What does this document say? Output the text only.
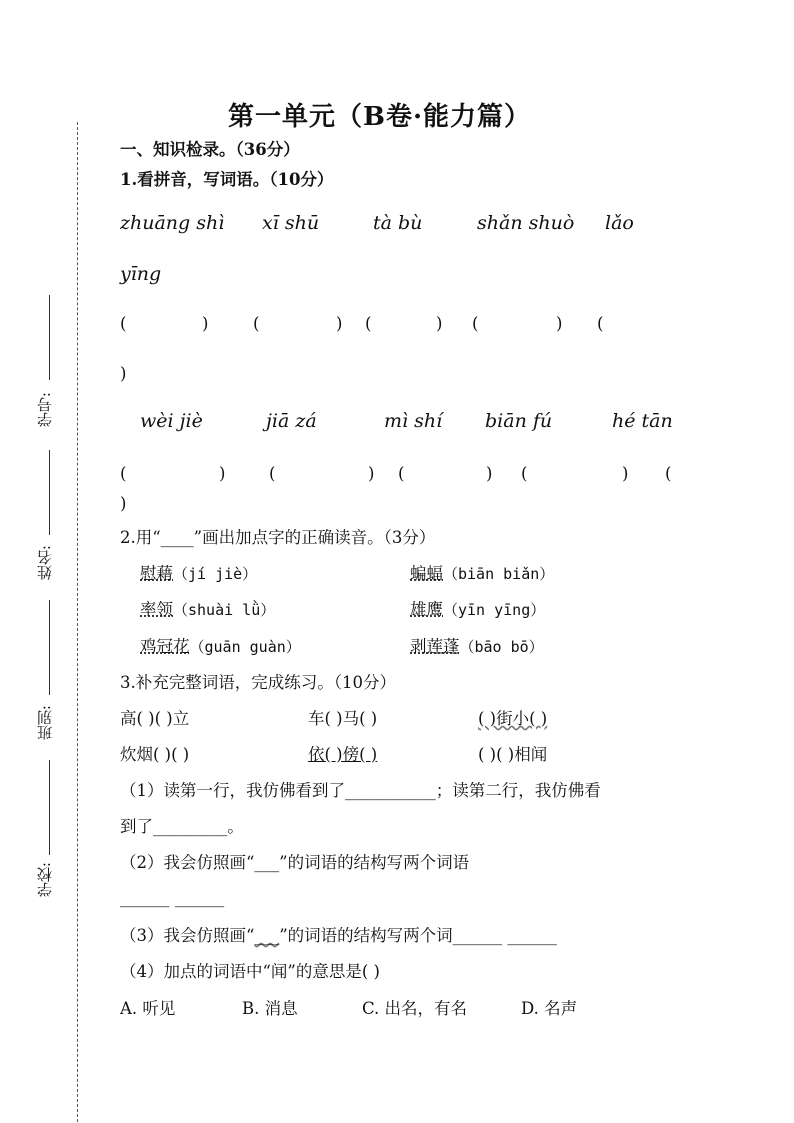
学号:
姓名:
班别:
学校:
第一单元（B卷·能力篇）
一、知识检录。（36分）
1.看拼音，写词语。（10分）
zhuāng shì xī shū	tà bù	shǎn shuò lǎo
yīng
(	)	(	) (	) (	) (
)
wèi jiè	jiā zá	mì shí biān fú	hé tān
(	)	(	) (	) (	) (
)
2.用“____”画出加点字的正确读音。（3分）
慰藉（jí jiè）	蝙蝠（biān biǎn）
率领（shuài lǜ）	雄鹰（yīn yīng）
鸡冠花（guān guàn）	剥莲蓬（bāo bō）
3.补充完整词语，完成练习。（10分）
高( )( )立	车( )马( )	( )街小( )
炊烟( )( )	依( )傍( )	( )( )相闻
（1）读第一行，我仿佛看到了___________；读第二行，我仿佛看
到了_________。
（2）我会仿照画“___”的词语的结构写两个词语
______ ______
（3）我会仿照画“___”的词语的结构写两个词______ ______
（4）加点的词语中“闻”的意思是( )
A. 听见	B. 消息	C. 出名，有名	D. 名声
